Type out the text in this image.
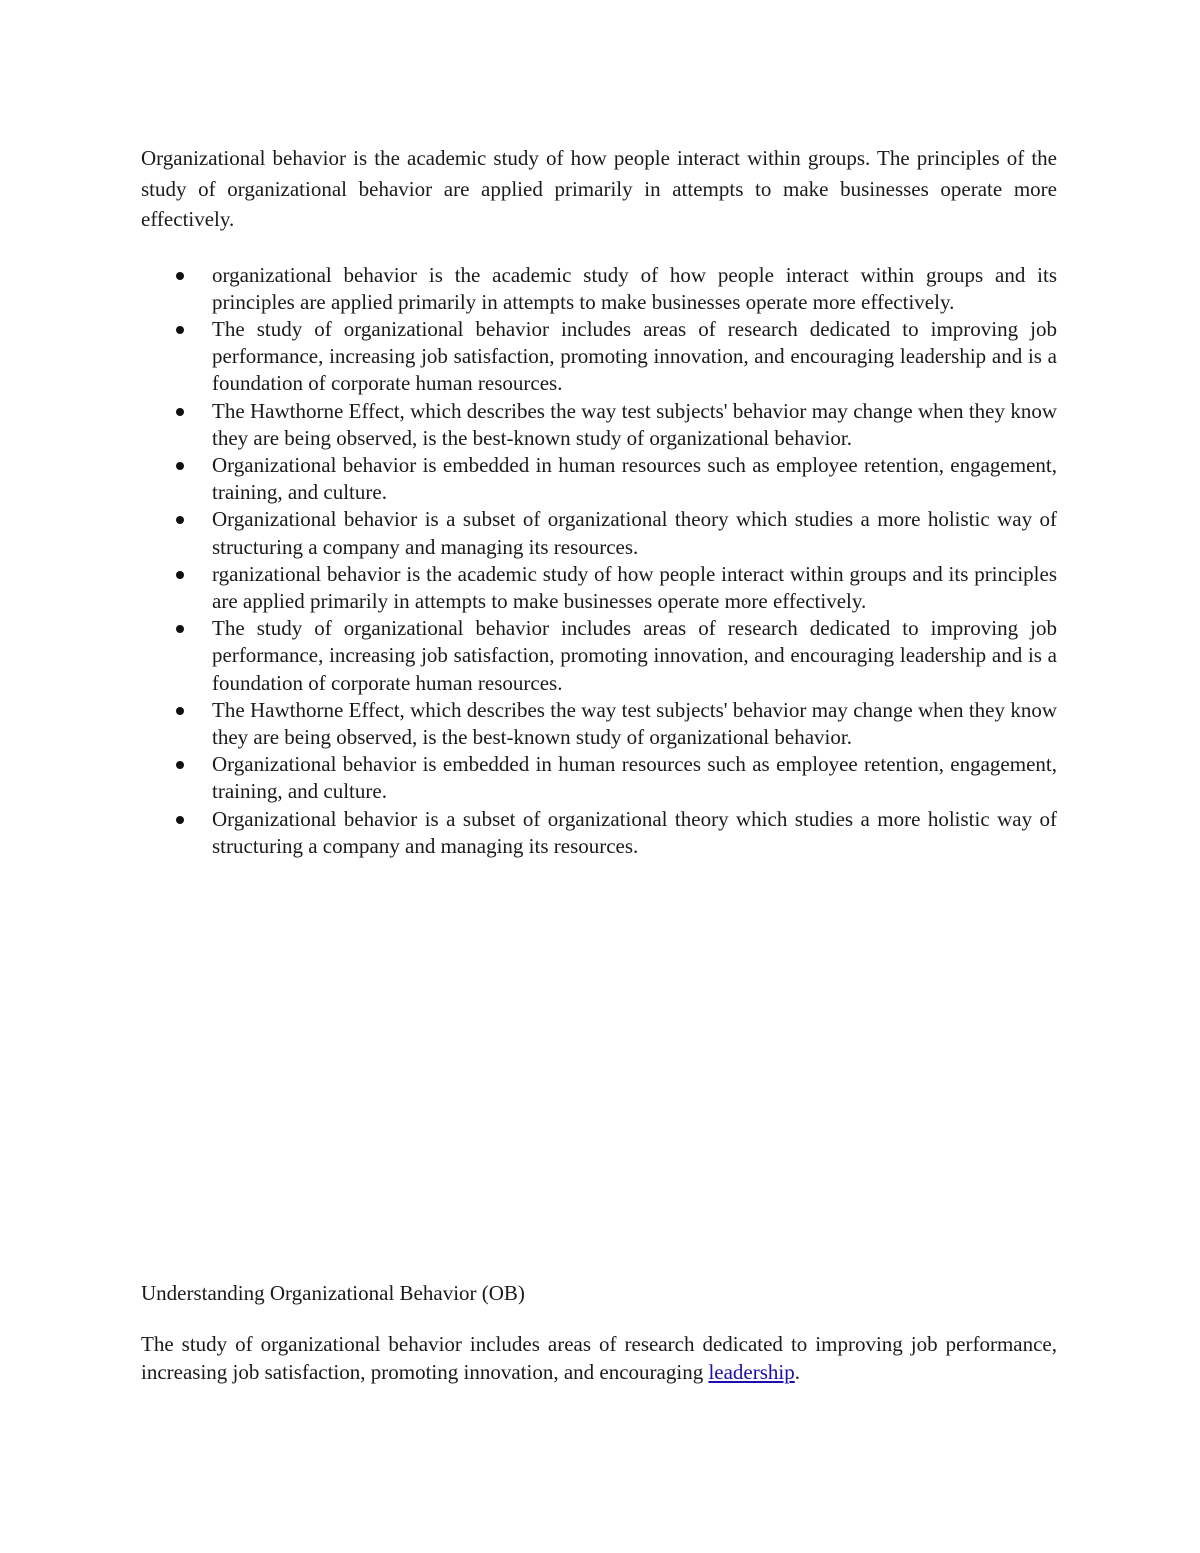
Organizational behavior is the academic study of how people interact within groups. The principles of the study of organizational behavior are applied primarily in attempts to make businesses operate more effectively.

organizational behavior is the academic study of how people interact within groups and its principles are applied primarily in attempts to make businesses operate more effectively.
The study of organizational behavior includes areas of research dedicated to improving job performance, increasing job satisfaction, promoting innovation, and encouraging leadership and is a foundation of corporate human resources.
The Hawthorne Effect, which describes the way test subjects' behavior may change when they know they are being observed, is the best-known study of organizational behavior.
Organizational behavior is embedded in human resources such as employee retention, engagement, training, and culture.
Organizational behavior is a subset of organizational theory which studies a more holistic way of structuring a company and managing its resources.
rganizational behavior is the academic study of how people interact within groups and its principles are applied primarily in attempts to make businesses operate more effectively.
The study of organizational behavior includes areas of research dedicated to improving job performance, increasing job satisfaction, promoting innovation, and encouraging leadership and is a foundation of corporate human resources.
The Hawthorne Effect, which describes the way test subjects' behavior may change when they know they are being observed, is the best-known study of organizational behavior.
Organizational behavior is embedded in human resources such as employee retention, engagement, training, and culture.
Organizational behavior is a subset of organizational theory which studies a more holistic way of structuring a company and managing its resources.

Understanding Organizational Behavior (OB)

The study of organizational behavior includes areas of research dedicated to improving job performance, increasing job satisfaction, promoting innovation, and encouraging leadership.
